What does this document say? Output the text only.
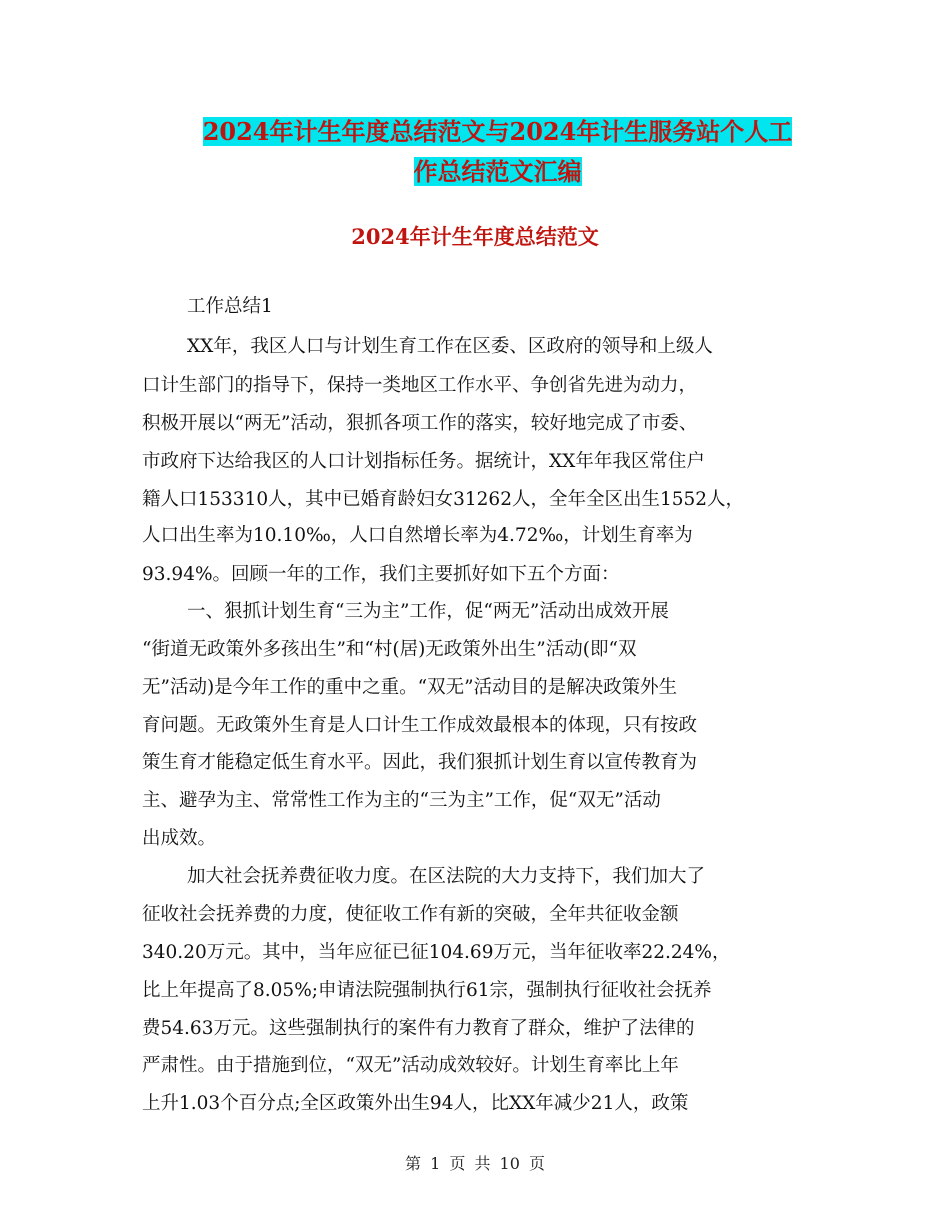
2024年计生年度总结范文与2024年计生服务站个人工
作总结范文汇编
2024年计生年度总结范文

工作总结1

XX年，我区人口与计划生育工作在区委、区政府的领导和上级人

口计生部门的指导下，保持一类地区工作水平、争创省先进为动力，

积极开展以“两无”活动，狠抓各项工作的落实，较好地完成了市委、

市政府下达给我区的人口计划指标任务。据统计，XX年年我区常住户

籍人口153310人，其中已婚育龄妇女31262人，全年全区出生1552人，

人口出生率为10.10‰，人口自然增长率为4.72‰，计划生育率为

93.94%。回顾一年的工作，我们主要抓好如下五个方面：

一、狠抓计划生育“三为主”工作，促“两无”活动出成效开展

“街道无政策外多孩出生”和“村(居)无政策外出生”活动(即“双

无”活动)是今年工作的重中之重。“双无”活动目的是解决政策外生

育问题。无政策外生育是人口计生工作成效最根本的体现，只有按政

策生育才能稳定低生育水平。因此，我们狠抓计划生育以宣传教育为

主、避孕为主、常常性工作为主的“三为主”工作，促“双无”活动

出成效。

加大社会抚养费征收力度。在区法院的大力支持下，我们加大了

征收社会抚养费的力度，使征收工作有新的突破，全年共征收金额

340.20万元。其中，当年应征已征104.69万元，当年征收率22.24%，

比上年提高了8.05%;申请法院强制执行61宗，强制执行征收社会抚养

费54.63万元。这些强制执行的案件有力教育了群众，维护了法律的

严肃性。由于措施到位，“双无”活动成效较好。计划生育率比上年

上升1.03个百分点;全区政策外出生94人，比XX年减少21人，政策

第 1 页 共 10 页
